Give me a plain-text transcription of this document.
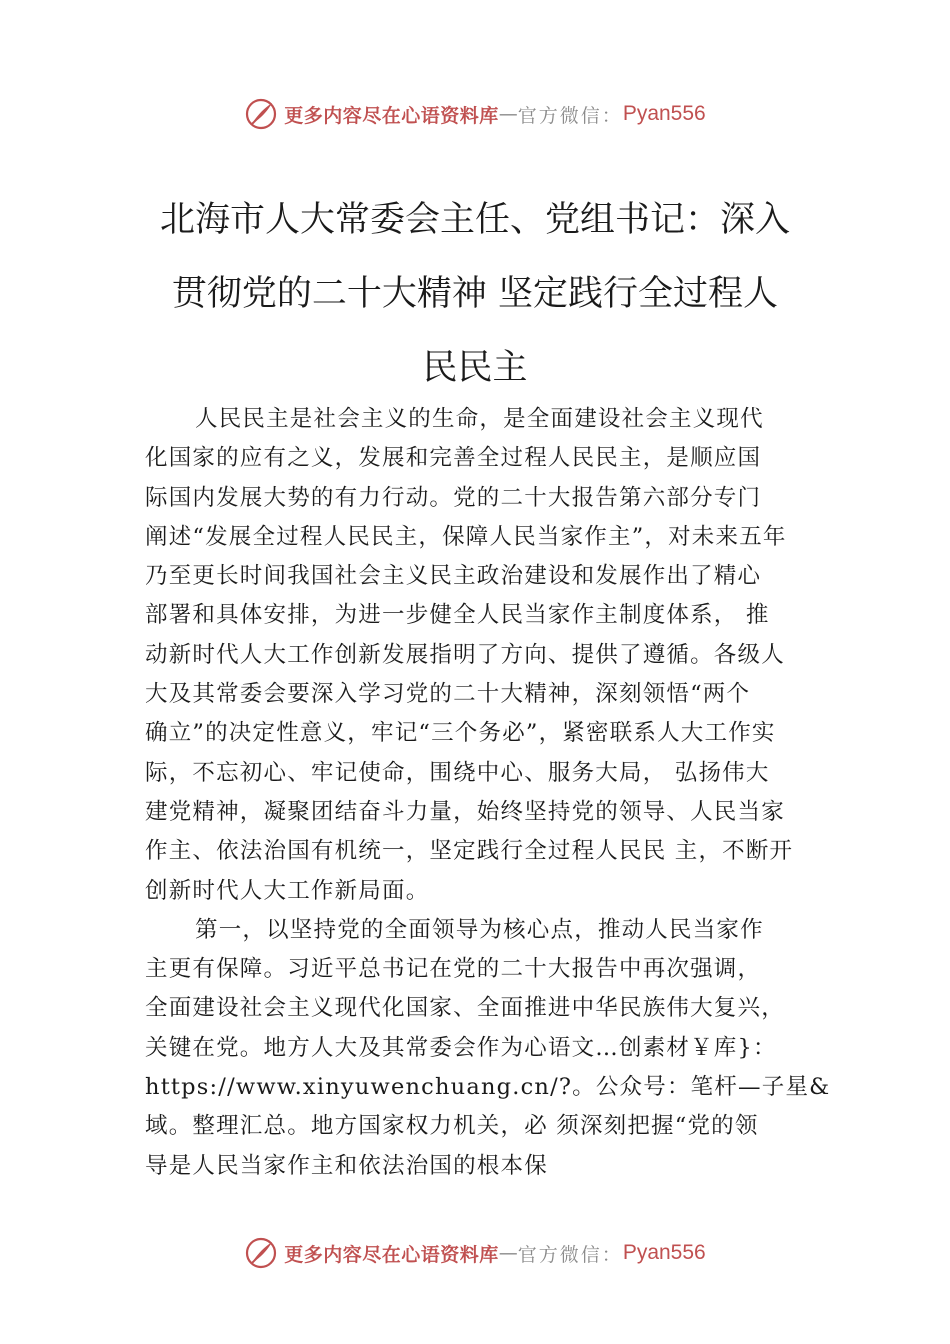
更多内容尽在心语资料库 — 官方微信： Pyan556
北海市人大常委会主任、党组书记：深入
贯彻党的二十大精神 坚定践行全过程人
民民主
人民民主是社会主义的生命，是全面建设社会主义现代
化国家的应有之义，发展和完善全过程人民民主，是顺应国
际国内发展大势的有力行动。党的二十大报告第六部分专门
阐述“发展全过程人民民主，保障人民当家作主”，对未来五年
乃至更长时间我国社会主义民主政治建设和发展作出了精心
部署和具体安排，为进一步健全人民当家作主制度体系， 推
动新时代人大工作创新发展指明了方向、提供了遵循。各级人
大及其常委会要深入学习党的二十大精神，深刻领悟“两个
确立”的决定性意义，牢记“三个务必”，紧密联系人大工作实
际，不忘初心、牢记使命，围绕中心、服务大局， 弘扬伟大
建党精神，凝聚团结奋斗力量，始终坚持党的领导、人民当家
作主、依法治国有机统一，坚定践行全过程人民民 主，不断开
创新时代人大工作新局面。
第一，以坚持党的全面领导为核心点，推动人民当家作
主更有保障。习近平总书记在党的二十大报告中再次强调，
全面建设社会主义现代化国家、全面推进中华民族伟大复兴，
关键在党。地方人大及其常委会作为心语文…创素材￥库}：
https://www.xinyuwenchuang.cn/?。公众号：笔杆—子星&
域。整理汇总。地方国家权力机关，必 须深刻把握“党的领
导是人民当家作主和依法治国的根本保
更多内容尽在心语资料库 — 官方微信： Pyan556
